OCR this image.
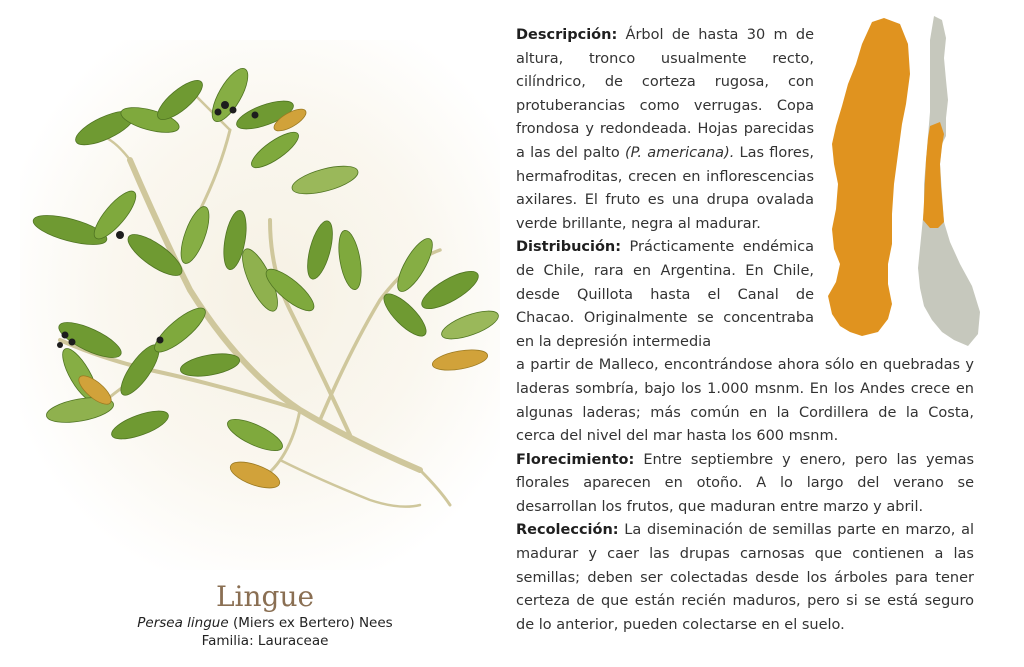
Lingue
Persea lingue (Miers ex Bertero) Nees
Familia: Lauraceae

Descripción: Árbol de hasta 30 m de altura, tronco usualmente recto, cilíndrico, de corteza rugosa, con protuberancias como verrugas. Copa frondosa y redondeada. Hojas parecidas a las del palto (P. americana). Las flores, hermafroditas, crecen en inflorescencias axilares. El fruto es una drupa ovalada verde brillante, negra al madurar.

Distribución: Prácticamente endémica de Chile, rara en Argentina. En Chile, desde Quillota hasta el Canal de Chacao. Originalmente se concentraba en la depresión intermedia
a partir de Malleco, encontrándose ahora sólo en quebradas y laderas sombría, bajo los 1.000 msnm. En los Andes crece en algunas laderas; más común en la Cordillera de la Costa, cerca del nivel del mar hasta los 600 msnm.

Florecimiento: Entre septiembre y enero, pero las yemas florales aparecen en otoño. A lo largo del verano se desarrollan los frutos, que maduran entre marzo y abril.

Recolección: La diseminación de semillas parte en marzo, al madurar y caer las drupas carnosas que contienen a las semillas; deben ser colectadas desde los árboles para tener certeza de que están recién maduros, pero si se está seguro de lo anterior, pueden colectarse en el suelo.
